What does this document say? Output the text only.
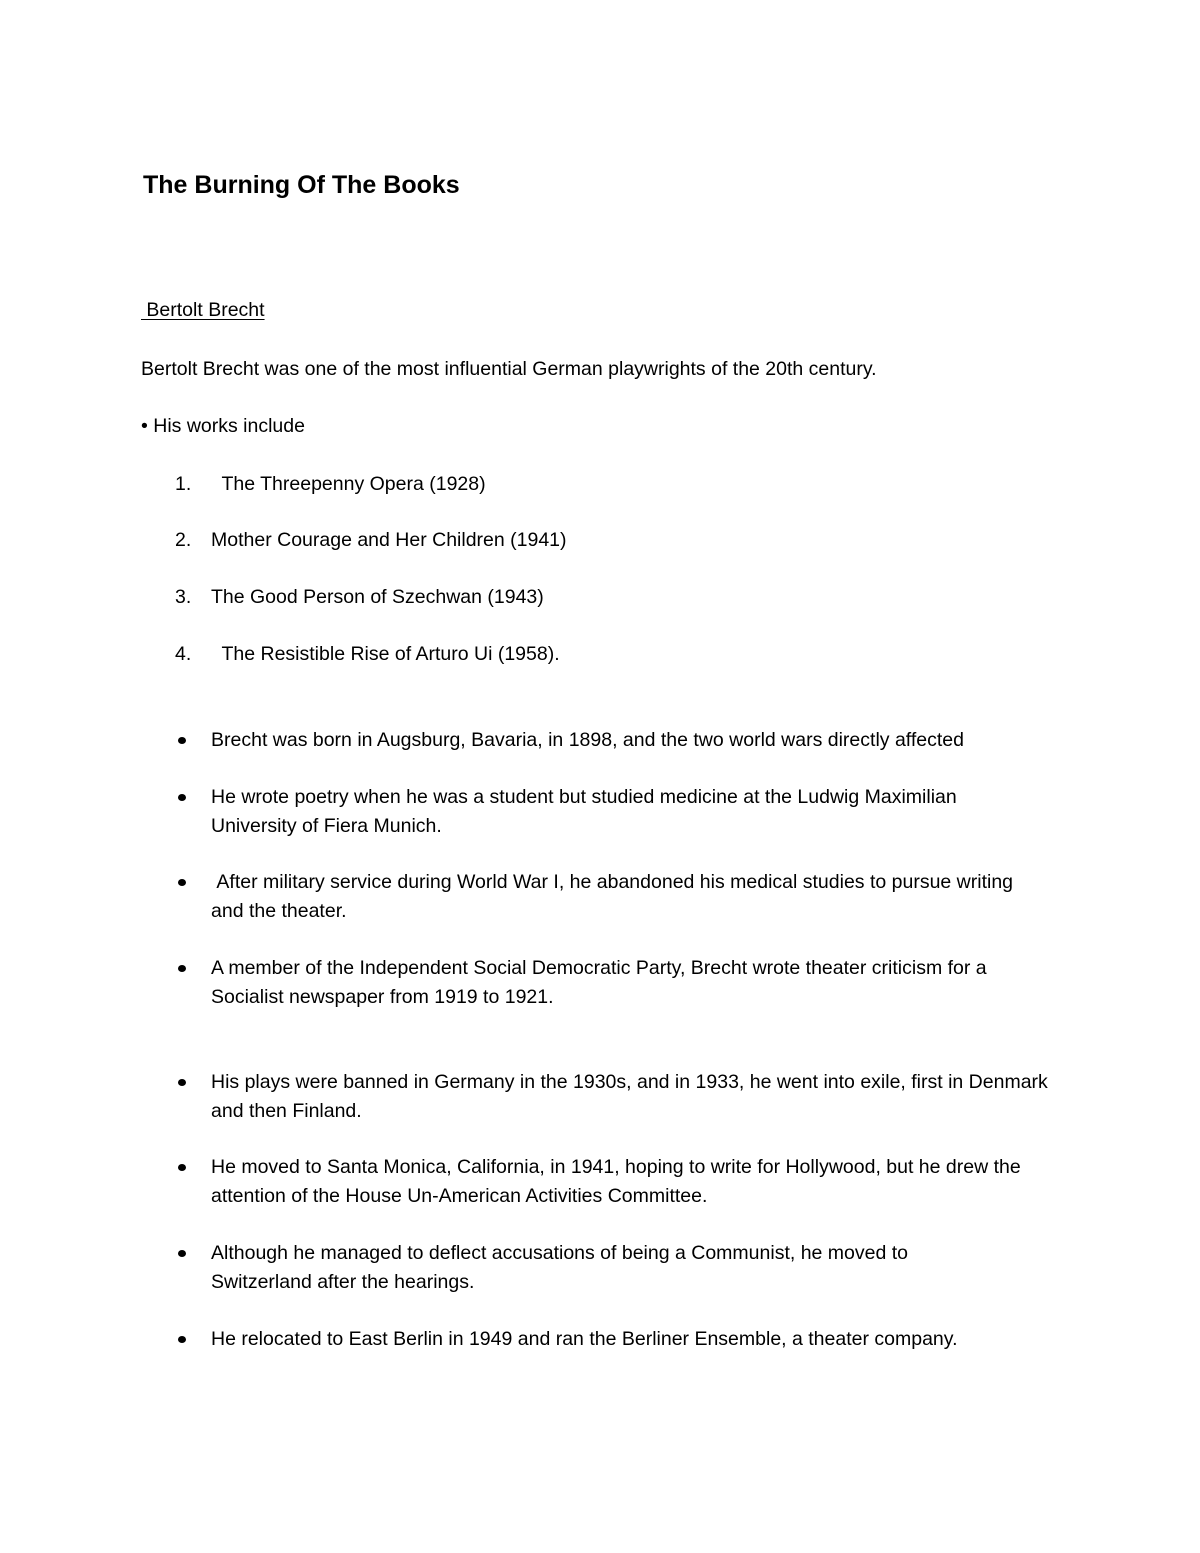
The Burning Of The Books
Bertolt Brecht
Bertolt Brecht was one of the most influential German playwrights of the 20th century.
• His works include
1.  The Threepenny Opera (1928)
2. Mother Courage and Her Children (1941)
3. The Good Person of Szechwan (1943)
4.  The Resistible Rise of Arturo Ui (1958).
Brecht was born in Augsburg, Bavaria, in 1898, and the two world wars directly affected
He wrote poetry when he was a student but studied medicine at the Ludwig Maximilian University of Fiera Munich.
After military service during World War I, he abandoned his medical studies to pursue writing and the theater.
A member of the Independent Social Democratic Party, Brecht wrote theater criticism for a Socialist newspaper from 1919 to 1921.
His plays were banned in Germany in the 1930s, and in 1933, he went into exile, first in Denmark and then Finland.
He moved to Santa Monica, California, in 1941, hoping to write for Hollywood, but he drew the attention of the House Un-American Activities Committee.
Although he managed to deflect accusations of being a Communist, he moved to Switzerland after the hearings.
He relocated to East Berlin in 1949 and ran the Berliner Ensemble, a theater company.
